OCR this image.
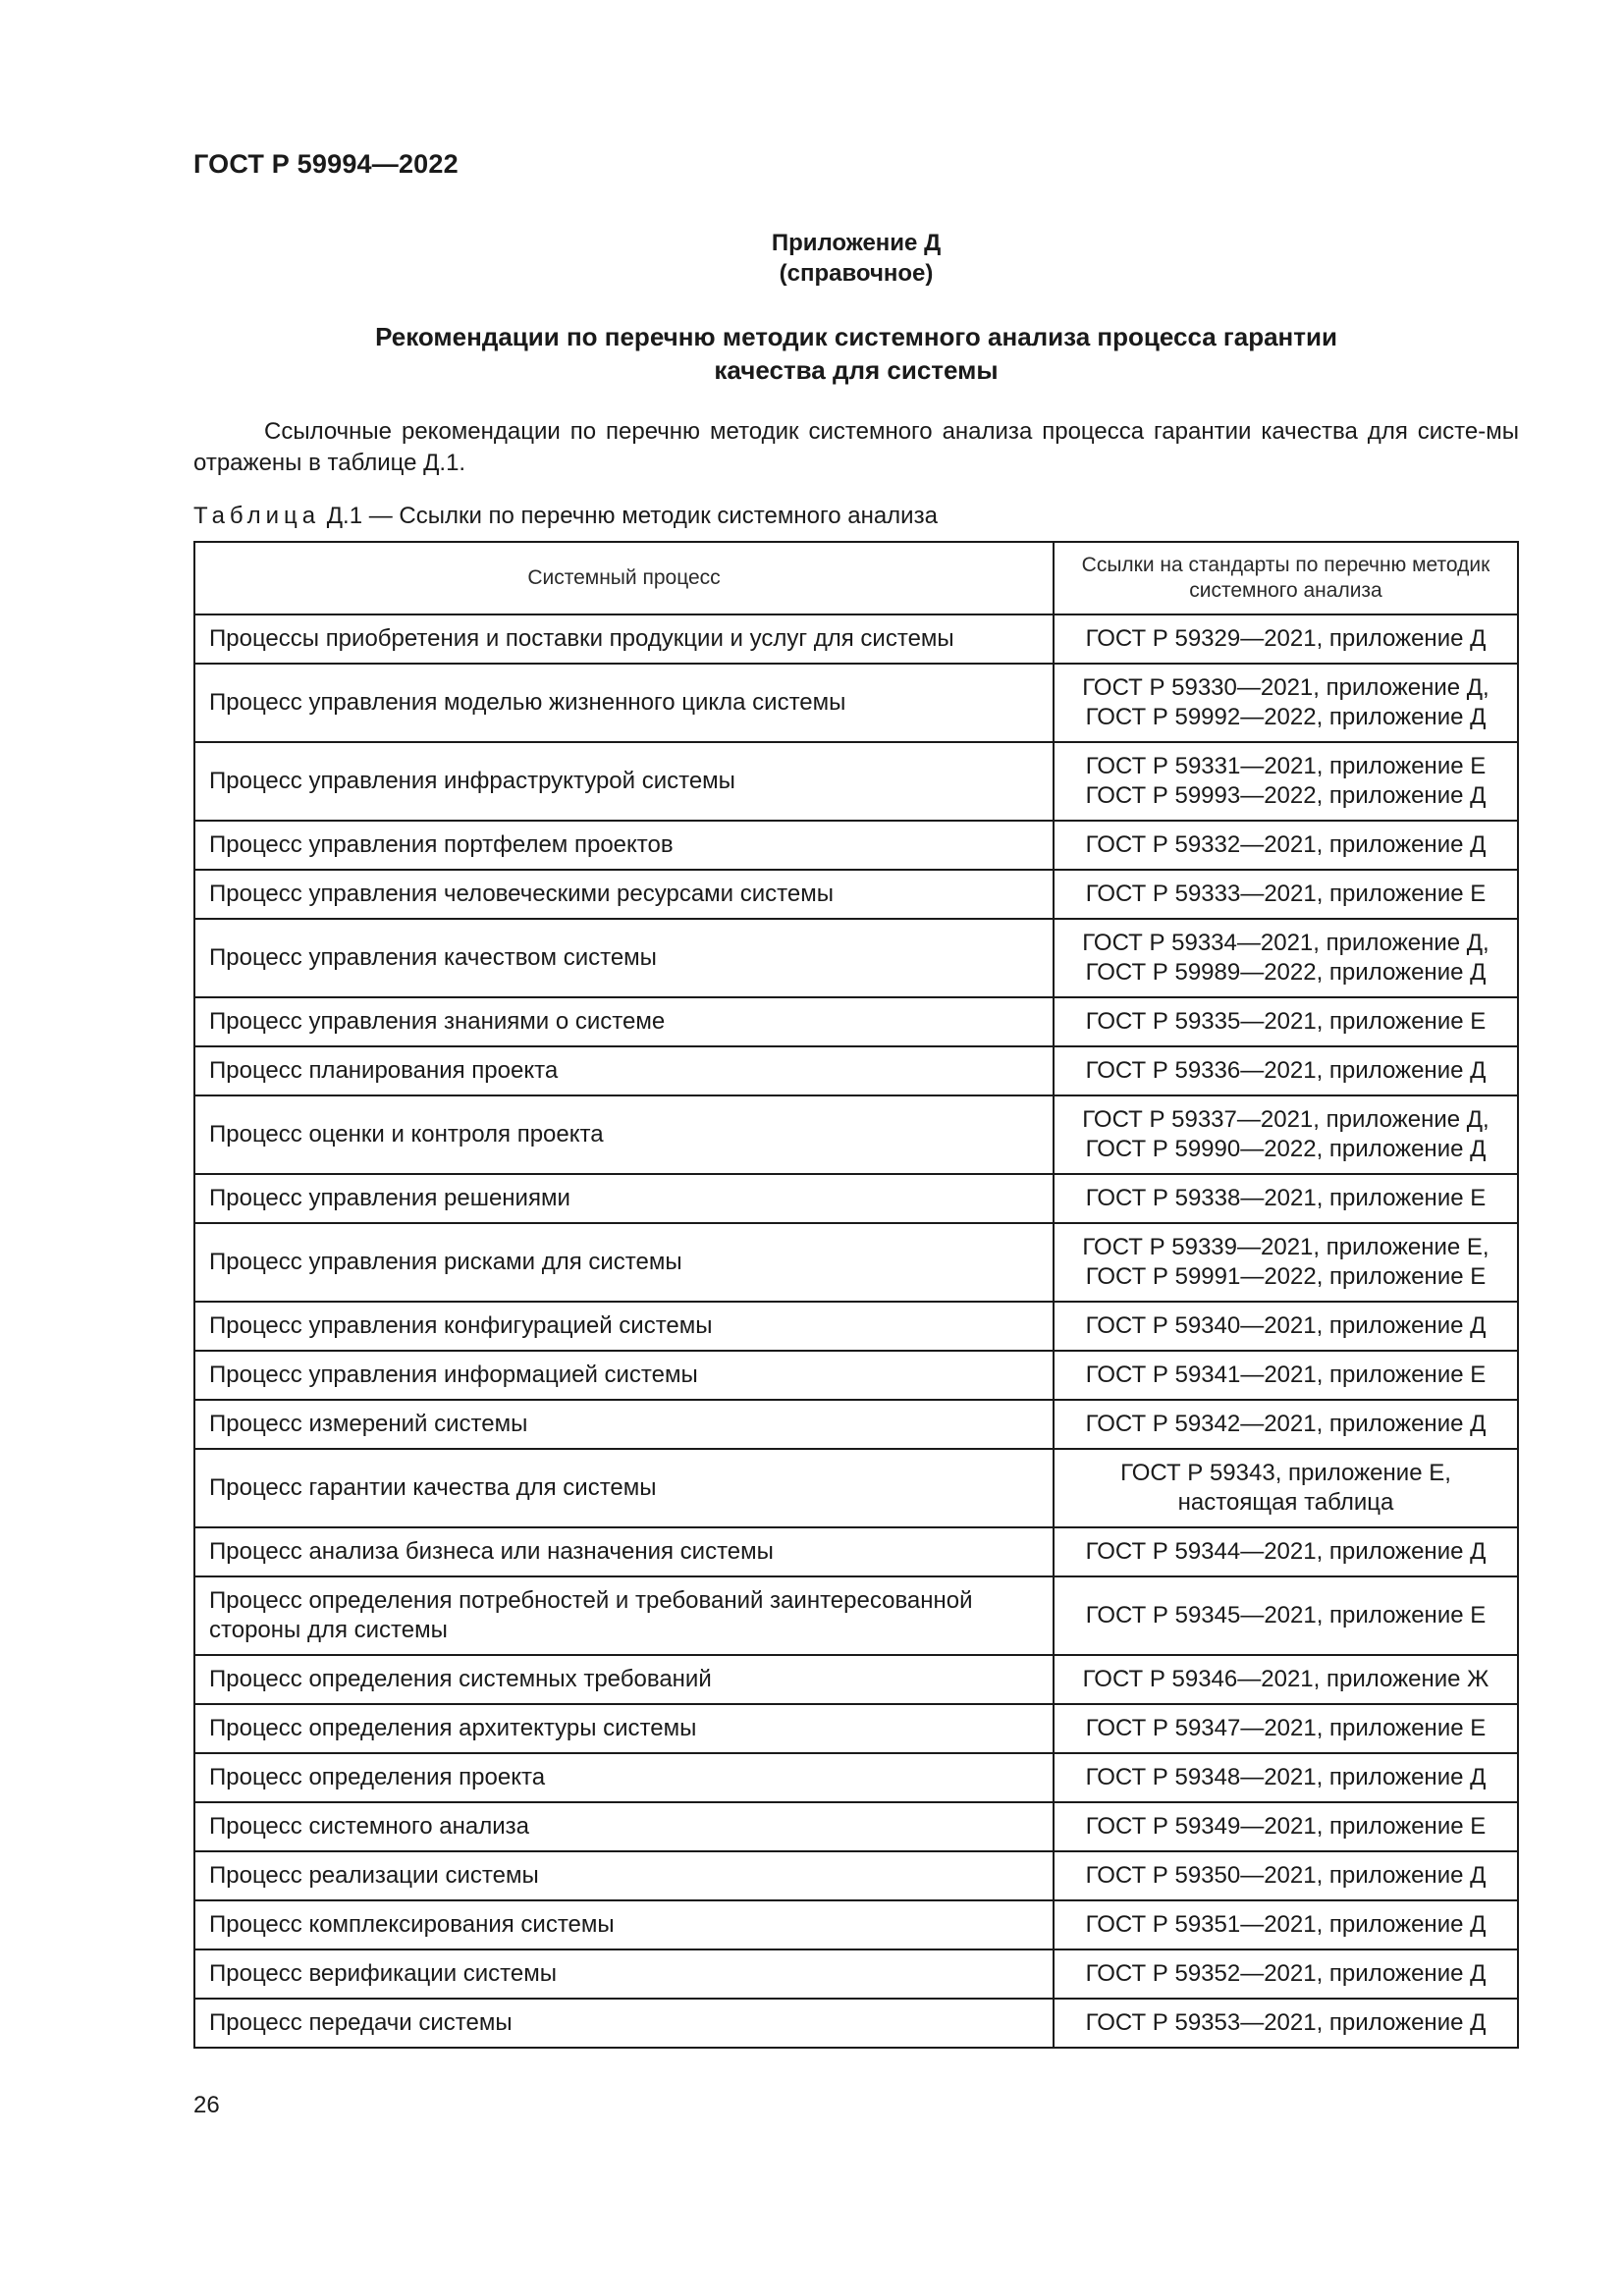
ГОСТ Р 59994—2022
Приложение Д
(справочное)
Рекомендации по перечню методик системного анализа процесса гарантии
качества для системы
Ссылочные рекомендации по перечню методик системного анализа процесса гарантии качества для систе-мы отражены в таблице Д.1.
Таблица Д.1 — Ссылки по перечню методик системного анализа
Системный процесс	Ссылки на стандарты по перечню методик системного анализа
Процессы приобретения и поставки продукции и услуг для системы	ГОСТ Р 59329—2021, приложение Д

Процесс управления моделью жизненного цикла системы	ГОСТ Р 59330—2021, приложение Д,
ГОСТ Р 59992—2022, приложение Д

Процесс управления инфраструктурой системы	ГОСТ Р 59331—2021, приложение Е
ГОСТ Р 59993—2022, приложение Д

Процесс управления портфелем проектов	ГОСТ Р 59332—2021, приложение Д

Процесс управления человеческими ресурсами системы	ГОСТ Р 59333—2021, приложение Е

Процесс управления качеством системы	ГОСТ Р 59334—2021, приложение Д,
ГОСТ Р 59989—2022, приложение Д

Процесс управления знаниями о системе	ГОСТ Р 59335—2021, приложение Е

Процесс планирования проекта	ГОСТ Р 59336—2021, приложение Д

Процесс оценки и контроля проекта	ГОСТ Р 59337—2021, приложение Д,
ГОСТ Р 59990—2022, приложение Д

Процесс управления решениями	ГОСТ Р 59338—2021, приложение Е

Процесс управления рисками для системы	ГОСТ Р 59339—2021, приложение Е,
ГОСТ Р 59991—2022, приложение Е

Процесс управления конфигурацией системы	ГОСТ Р 59340—2021, приложение Д

Процесс управления информацией системы	ГОСТ Р 59341—2021, приложение Е

Процесс измерений системы	ГОСТ Р 59342—2021, приложение Д

Процесс гарантии качества для системы	ГОСТ Р 59343, приложение Е,
настоящая таблица

Процесс анализа бизнеса или назначения системы	ГОСТ Р 59344—2021, приложение Д

Процесс определения потребностей и требований заинтересованной стороны для системы	ГОСТ Р 59345—2021, приложение Е

Процесс определения системных требований	ГОСТ Р 59346—2021, приложение Ж

Процесс определения архитектуры системы	ГОСТ Р 59347—2021, приложение Е

Процесс определения проекта	ГОСТ Р 59348—2021, приложение Д

Процесс системного анализа	ГОСТ Р 59349—2021, приложение Е

Процесс реализации системы	ГОСТ Р 59350—2021, приложение Д

Процесс комплексирования системы	ГОСТ Р 59351—2021, приложение Д

Процесс верификации системы	ГОСТ Р 59352—2021, приложение Д

Процесс передачи системы	ГОСТ Р 59353—2021, приложение Д
26
